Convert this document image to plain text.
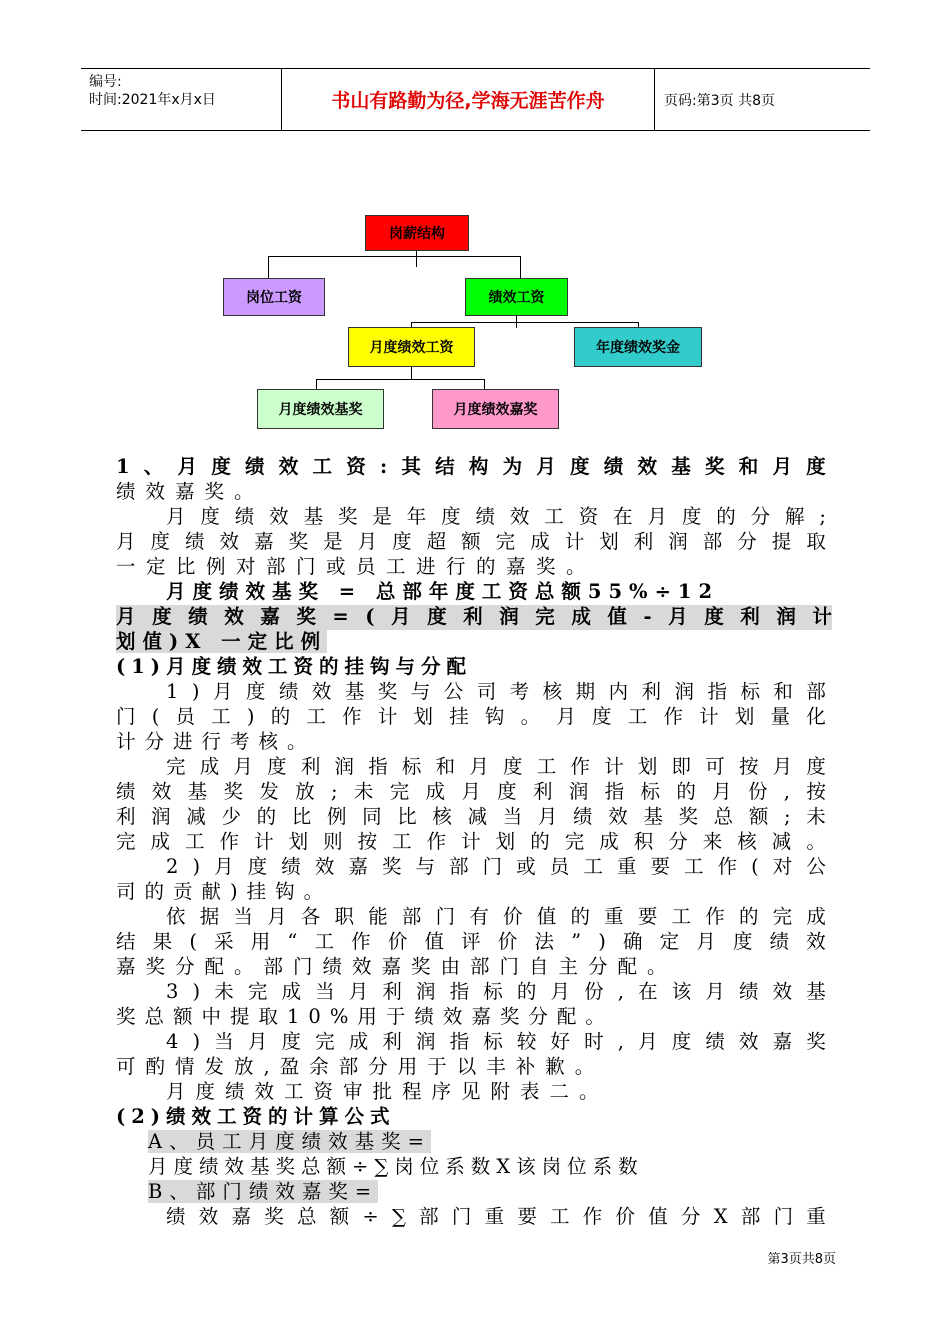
编号:
时间:2021年x月x日	书山有路勤为径,学海无涯苦作舟	页码:第3页 共8页
岗薪结构
岗位工资	绩效工资
月度绩效工资	年度绩效奖金
月度绩效基奖	月度绩效嘉奖
1 、 月 度 绩 效 工 资 : 其 结 构 为 月 度 绩 效 基 奖 和 月 度
绩效嘉奖。
月 度 绩 效 基 奖 是 年 度 绩 效 工 资 在 月 度 的 分 解 ;
月 度 绩 效 嘉 奖 是 月 度 超 额 完 成 计 划 利 润 部 分 提 取
一定比例对部门或员工进行的嘉奖。
月度绩效基奖 = 总部年度工资总额55%÷12
月 度 绩 效 嘉 奖 = ( 月 度 利 润 完 成 值 - 月 度 利 润 计
划值)X 一定比例
(1)月度绩效工资的挂钩与分配
1 ) 月 度 绩 效 基 奖 与 公 司 考 核 期 内 利 润 指 标 和 部
门 ( 员 工 ) 的 工 作 计 划 挂 钩 。 月 度 工 作 计 划 量 化
计分进行考核。
完 成 月 度 利 润 指 标 和 月 度 工 作 计 划 即 可 按 月 度
绩 效 基 奖 发 放 ; 未 完 成 月 度 利 润 指 标 的 月 份 , 按
利 润 减 少 的 比 例 同 比 核 减 当 月 绩 效 基 奖 总 额 ; 未
完 成 工 作 计 划 则 按 工 作 计 划 的 完 成 积 分 来 核 减 。
2 ) 月 度 绩 效 嘉 奖 与 部 门 或 员 工 重 要 工 作 ( 对 公
司的贡献)挂钩。
依 据 当 月 各 职 能 部 门 有 价 值 的 重 要 工 作 的 完 成
结 果 ( 采 用 “ 工 作 价 值 评 价 法 ” ) 确 定 月 度 绩 效
嘉奖分配。部门绩效嘉奖由部门自主分配。
3 ) 未 完 成 当 月 利 润 指 标 的 月 份 , 在 该 月 绩 效 基
奖总额中提取10%用于绩效嘉奖分配。
4 ) 当 月 度 完 成 利 润 指 标 较 好 时 , 月 度 绩 效 嘉 奖
可酌情发放,盈余部分用于以丰补歉。
月度绩效工资审批程序见附表二。
(2)绩效工资的计算公式
A、员工月度绩效基奖=
月度绩效基奖总额÷∑岗位系数X该岗位系数
B、部门绩效嘉奖=
绩 效 嘉 奖 总 额 ÷ ∑ 部 门 重 要 工 作 价 值 分 X 部 门 重
第3页共8页
